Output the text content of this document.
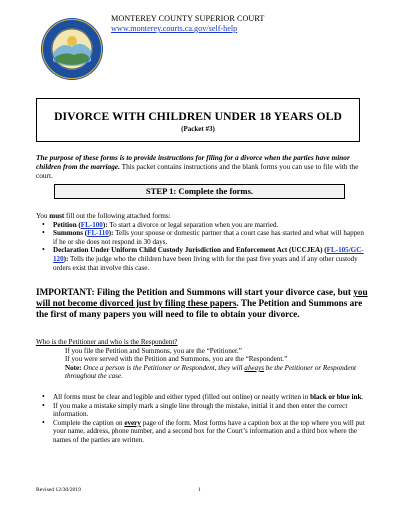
MONTEREY COUNTY SUPERIOR COURT
www.monterey.courts.ca.gov/self-help
DIVORCE WITH CHILDREN UNDER 18 YEARS OLD
(Packet #3)
The purpose of these forms is to provide instructions for filing for a divorce when the parties have minor children from the marriage. This packet contains instructions and the blank forms you can use to file with the court.
STEP 1: Complete the forms.
You must fill out the following attached forms:
• Petition (FL-100): To start a divorce or legal separation when you are married.
• Summons (FL-110): Tells your spouse or domestic partner that a court case has started and what will happen if he or she does not respond in 30 days.
• Declaration Under Uniform Child Custody Jurisdiction and Enforcement Act (UCCJEA) (FL-105/GC-120): Tells the judge who the children have been living with for the past five years and if any other custody orders exist that involve this case.
IMPORTANT: Filing the Petition and Summons will start your divorce case, but you will not become divorced just by filing these papers. The Petition and Summons are the first of many papers you will need to file to obtain your divorce.
Who is the Petitioner and who is the Respondent?
If you file the Petition and Summons, you are the “Petitioner.”
If you were served with the Petition and Summons, you are the “Respondent.”
Note: Once a person is the Petitioner or Respondent, they will always be the Petitioner or Respondent throughout the case.
• All forms must be clear and legible and either typed (filled out online) or neatly written in black or blue ink.
• If you make a mistake simply mark a single line through the mistake, initial it and then enter the correct information.
• Complete the caption on every page of the form. Most forms have a caption box at the top where you will put your name, address, phone number, and a second box for the Court’s information and a third box where the names of the parties are written.
Revised 12/30/2019	1
